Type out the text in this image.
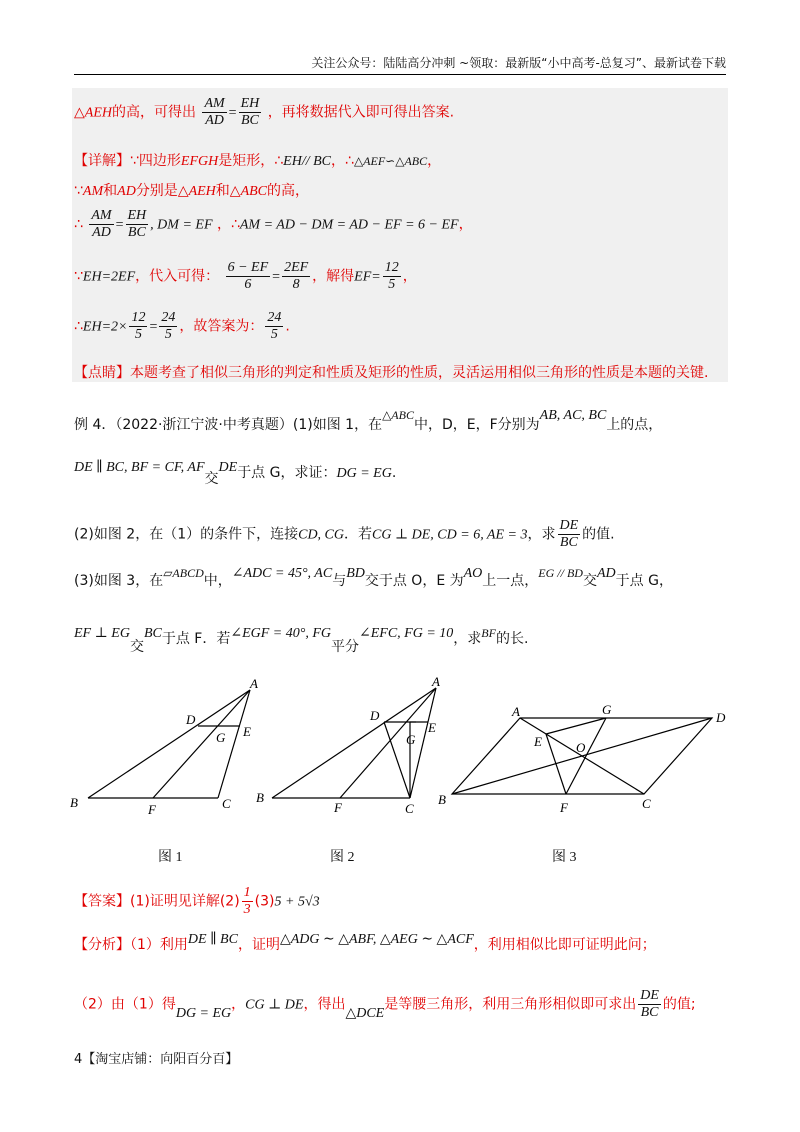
关注公众号：陆陆高分冲刺 ~领取：最新版“小中高考-总复习”、最新试卷下载
△AEH的高，可得出 $\frac{AM}{AD} = \frac{EH}{BC}$ ，再将数据代入即可得出答案.
【详解】∵四边形EFGH是矩形，∴EH// BC，∴△AEF∽△ABC，
∵AM和AD分别是△AEH和△ABC的高，
∴ $\frac{AM}{AD} = \frac{EH}{BC}$ , DM = EF ，∴AM = AD − DM = AD − EF = 6 − EF，
∵EH=2EF，代入可得： $\frac{6 - EF}{6} = \frac{2EF}{8}$ ，解得$EF= \frac{12}{5}$ ，
∴EH=2× $\frac{12}{5} = \frac{24}{5}$ ，故答案为： $\frac{24}{5}$ .
【点睛】本题考查了相似三角形的判定和性质及矩形的性质，灵活运用相似三角形的性质是本题的关键.
例 4．（2022·浙江宁波·中考真题）(1)如图 1，在△ABC中，D，E，F分别为AB, AC, BC上的点，
DE ∥ BC, BF = CF, AF交DE于点 G，求证：DG = EG.
(2)如图 2，在（1）的条件下，连接CD, CG．若CG ⊥ DE, CD = 6, AE = 3，求 $\frac{DE}{BC}$ 的值.
(3)如图 3，在▱ABCD中，∠ADC = 45°, AC与BD交于点 O，E 为AO上一点，EG // BD交AD于点 G，
EF ⊥ EG交BC于点 F．若∠EGF = 40°, FG平分∠EFC, FG = 10，求BF的长.
A
B	C
D
E
F
G
A
B
C
D
E
F
G
A
B	C
D
E
F
G
O
图 1	图 2	图 3
【答案】(1)证明见详解$(2) \frac{1}{3} (3)5 + 5√3$
【分析】（1）利用DE ∥ BC，证明△ADG ∼ △ABF, △AEG ∼ △ACF，利用相似比即可证明此问；
（2）由（1）得DG = EG，CG ⊥ DE，得出△DCE是等腰三角形，利用三角形相似即可求出 $\frac{DE}{BC}$ 的值;
4【淘宝店铺：向阳百分百】
